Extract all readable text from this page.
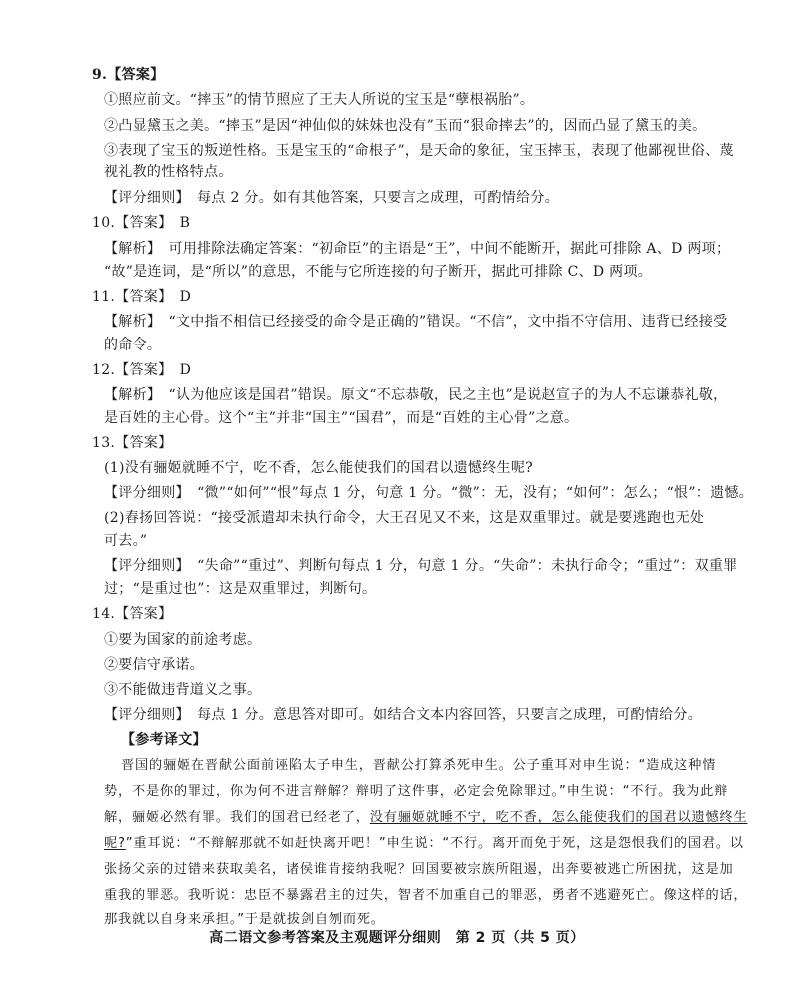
9.【答案】
①照应前文。“摔玉”的情节照应了王夫人所说的宝玉是“孽根祸胎”。
②凸显黛玉之美。“摔玉”是因“神仙似的妹妹也没有”玉而“狠命摔去”的，因而凸显了黛玉的美。
③表现了宝玉的叛逆性格。玉是宝玉的“命根子”，是天命的象征，宝玉摔玉，表现了他鄙视世俗、蔑
视礼教的性格特点。
【评分细则】　每点 2 分。如有其他答案，只要言之成理，可酌情给分。
10.【答案】　B
【解析】　可用排除法确定答案：“初命臣”的主语是“王”，中间不能断开，据此可排除 A、D 两项；
“故”是连词，是“所以”的意思，不能与它所连接的句子断开，据此可排除 C、D 两项。
11.【答案】　D
【解析】　“文中指不相信已经接受的命令是正确的”错误。“不信”，文中指不守信用、违背已经接受
的命令。
12.【答案】　D
【解析】　“认为他应该是国君”错误。原文“不忘恭敬，民之主也”是说赵宣子的为人不忘谦恭礼敬，
是百姓的主心骨。这个“主”并非“国主”“国君”，而是“百姓的主心骨”之意。
13.【答案】
(1)没有骊姬就睡不宁，吃不香，怎么能使我们的国君以遗憾终生呢?
【评分细则】　“微”“如何”“恨”每点 1 分，句意 1 分。“微”：无，没有；“如何”：怎么；“恨”：遗憾。
(2)舂扬回答说：“接受派遣却未执行命令，大王召见又不来，这是双重罪过。就是要逃跑也无处
可去。”
【评分细则】　“失命”“重过”、判断句每点 1 分，句意 1 分。“失命”：未执行命令；“重过”：双重罪
过；“是重过也”：这是双重罪过，判断句。
14.【答案】
①要为国家的前途考虑。
②要信守承诺。
③不能做违背道义之事。
【评分细则】　每点 1 分。意思答对即可。如结合文本内容回答，只要言之成理，可酌情给分。
【参考译文】
晋国的骊姬在晋献公面前诬陷太子申生，晋献公打算杀死申生。公子重耳对申生说：“造成这种情
势，不是你的罪过，你为何不进言辩解？辩明了这件事，必定会免除罪过。”申生说：“不行。我为此辩
解，骊姬必然有罪。我们的国君已经老了，没有骊姬就睡不宁，吃不香，怎么能使我们的国君以遗憾终生
呢?”重耳说：“不辩解那就不如赶快离开吧！”申生说：“不行。离开而免于死，这是怨恨我们的国君。以
张扬父亲的过错来获取美名，诸侯谁肯接纳我呢？回国要被宗族所阻遏，出奔要被逃亡所困扰，这是加
重我的罪恶。我听说：忠臣不暴露君主的过失，智者不加重自己的罪恶，勇者不逃避死亡。像这样的话，
那我就以自身来承担。”于是就拔剑自刎而死。
高二语文参考答案及主观题评分细则　第 2 页（共 5 页）
